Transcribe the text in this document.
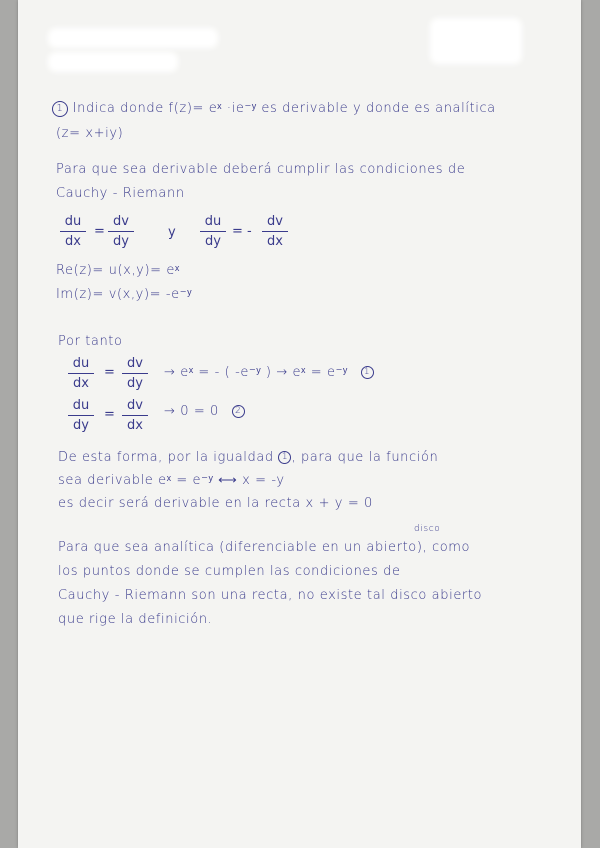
1 Indica donde f(z)= eˣ ·ie⁻ʸ es derivable y donde es analítica

(z= x+iy)

Para que sea derivable deberá cumplir las condiciones de

Cauchy - Riemann

du
dx
=
dv
dy
y
du
dy
= -
dv
dx

Re(z)= u(x,y)= eˣ

Im(z)= v(x,y)= -e⁻ʸ

Por tanto

du
dx
=
dv
dy

→ eˣ = - ( -e⁻ʸ ) → eˣ = e⁻ʸ 1

du
dy
=
dv
dx

→ 0 = 0 2

De esta forma, por la igualdad 1 , para que la función

sea derivable eˣ = e⁻ʸ ⟷ x = -y

es decir será derivable en la recta x + y = 0

disco

Para que sea analítica (diferenciable en un abierto), como

los puntos donde se cumplen las condiciones de

Cauchy - Riemann son una recta, no existe tal disco abierto

que rige la definición.
